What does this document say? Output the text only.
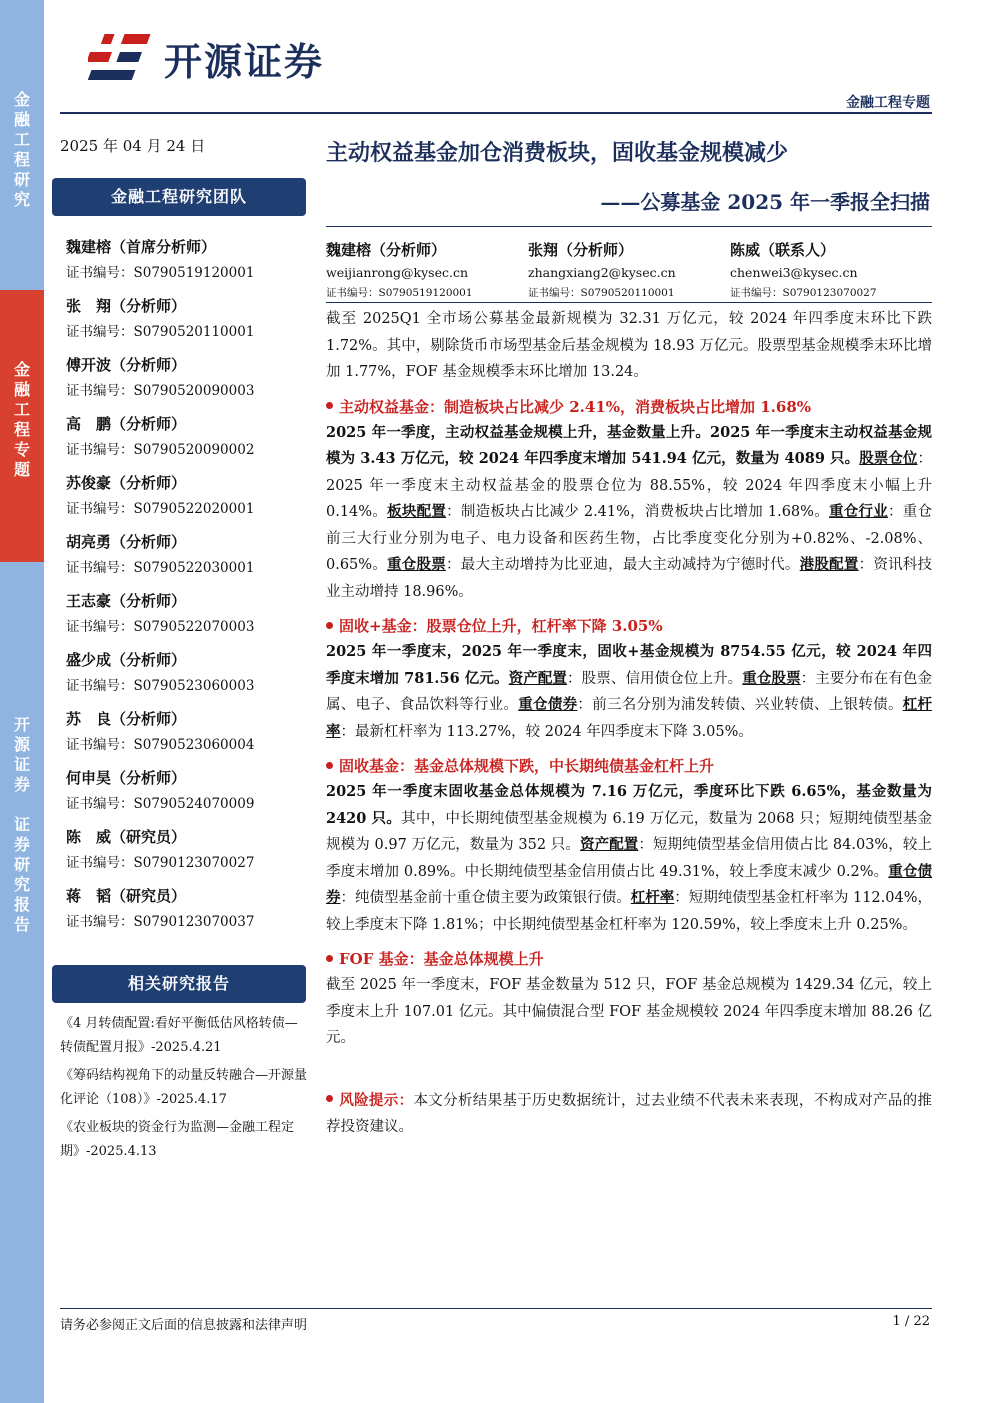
金
融
工
程
研
究
金
融
工
程
专
题
开
源
证
券

证
券
研
究
报
告
开源证券
金融工程专题
2025 年 04 月 24 日
金融工程研究团队
魏建榕（首席分析师）
证书编号：S0790519120001
张　翔（分析师）
证书编号：S0790520110001
傅开波（分析师）
证书编号：S0790520090003
高　鹏（分析师）
证书编号：S0790520090002
苏俊豪（分析师）
证书编号：S0790522020001
胡亮勇（分析师）
证书编号：S0790522030001
王志豪（分析师）
证书编号：S0790522070003
盛少成（分析师）
证书编号：S0790523060003
苏　良（分析师）
证书编号：S0790523060004
何申昊（分析师）
证书编号：S0790524070009
陈　威（研究员）
证书编号：S0790123070027
蒋　韬（研究员）
证书编号：S0790123070037
相关研究报告
《4 月转债配置:看好平衡低估风格转债—转债配置月报》-2025.4.21
《筹码结构视角下的动量反转融合—开源量化评论（108）》-2025.4.17
《农业板块的资金行为监测—金融工程定期》-2025.4.13
主动权益基金加仓消费板块，固收基金规模减少
——公募基金 2025 年一季报全扫描
魏建榕（分析师）
weijianrong@kysec.cn
证书编号：S0790519120001
张翔（分析师）
zhangxiang2@kysec.cn
证书编号：S0790520110001
陈威（联系人）
chenwei3@kysec.cn
证书编号：S0790123070027
截至 2025Q1 全市场公募基金最新规模为 32.31 万亿元，较 2024 年四季度末环比下跌 1.72%。其中，剔除货币市场型基金后基金规模为 18.93 万亿元。股票型基金规模季末环比增加 1.77%，FOF 基金规模季末环比增加 13.24。
主动权益基金：制造板块占比减少 2.41%，消费板块占比增加 1.68%
2025 年一季度，主动权益基金规模上升，基金数量上升。2025 年一季度末主动权益基金规模为 3.43 万亿元，较 2024 年四季度末增加 541.94 亿元，数量为 4089 只。股票仓位：2025 年一季度末主动权益基金的股票仓位为 88.55%，较 2024 年四季度末小幅上升 0.14%。板块配置：制造板块占比减少 2.41%，消费板块占比增加 1.68%。重仓行业：重仓前三大行业分别为电子、电力设备和医药生物，占比季度变化分别为+0.82%、-2.08%、0.65%。重仓股票：最大主动增持为比亚迪，最大主动减持为宁德时代。港股配置：资讯科技业主动增持 18.96%。
固收+基金：股票仓位上升，杠杆率下降 3.05%
2025 年一季度末，2025 年一季度末，固收+基金规模为 8754.55 亿元，较 2024 年四季度末增加 781.56 亿元。资产配置：股票、信用债仓位上升。重仓股票：主要分布在有色金属、电子、食品饮料等行业。重仓债券：前三名分别为浦发转债、兴业转债、上银转债。杠杆率：最新杠杆率为 113.27%，较 2024 年四季度末下降 3.05%。
固收基金：基金总体规模下跌，中长期纯债基金杠杆上升
2025 年一季度末固收基金总体规模为 7.16 万亿元，季度环比下跌 6.65%，基金数量为 2420 只。其中，中长期纯债型基金规模为 6.19 万亿元，数量为 2068 只；短期纯债型基金规模为 0.97 万亿元，数量为 352 只。资产配置：短期纯债型基金信用债占比 84.03%，较上季度末增加 0.89%。中长期纯债型基金信用债占比 49.31%，较上季度末减少 0.2%。重仓债券：纯债型基金前十重仓债主要为政策银行债。杠杆率：短期纯债型基金杠杆率为 112.04%，较上季度末下降 1.81%；中长期纯债型基金杠杆率为 120.59%，较上季度末上升 0.25%。
FOF 基金：基金总体规模上升
截至 2025 年一季度末，FOF 基金数量为 512 只，FOF 基金总规模为 1429.34 亿元，较上季度末上升 107.01 亿元。其中偏债混合型 FOF 基金规模较 2024 年四季度末增加 88.26 亿元。
风险提示：本文分析结果基于历史数据统计，过去业绩不代表未来表现，不构成对产品的推荐投资建议。
请务必参阅正文后面的信息披露和法律声明	1 / 22
